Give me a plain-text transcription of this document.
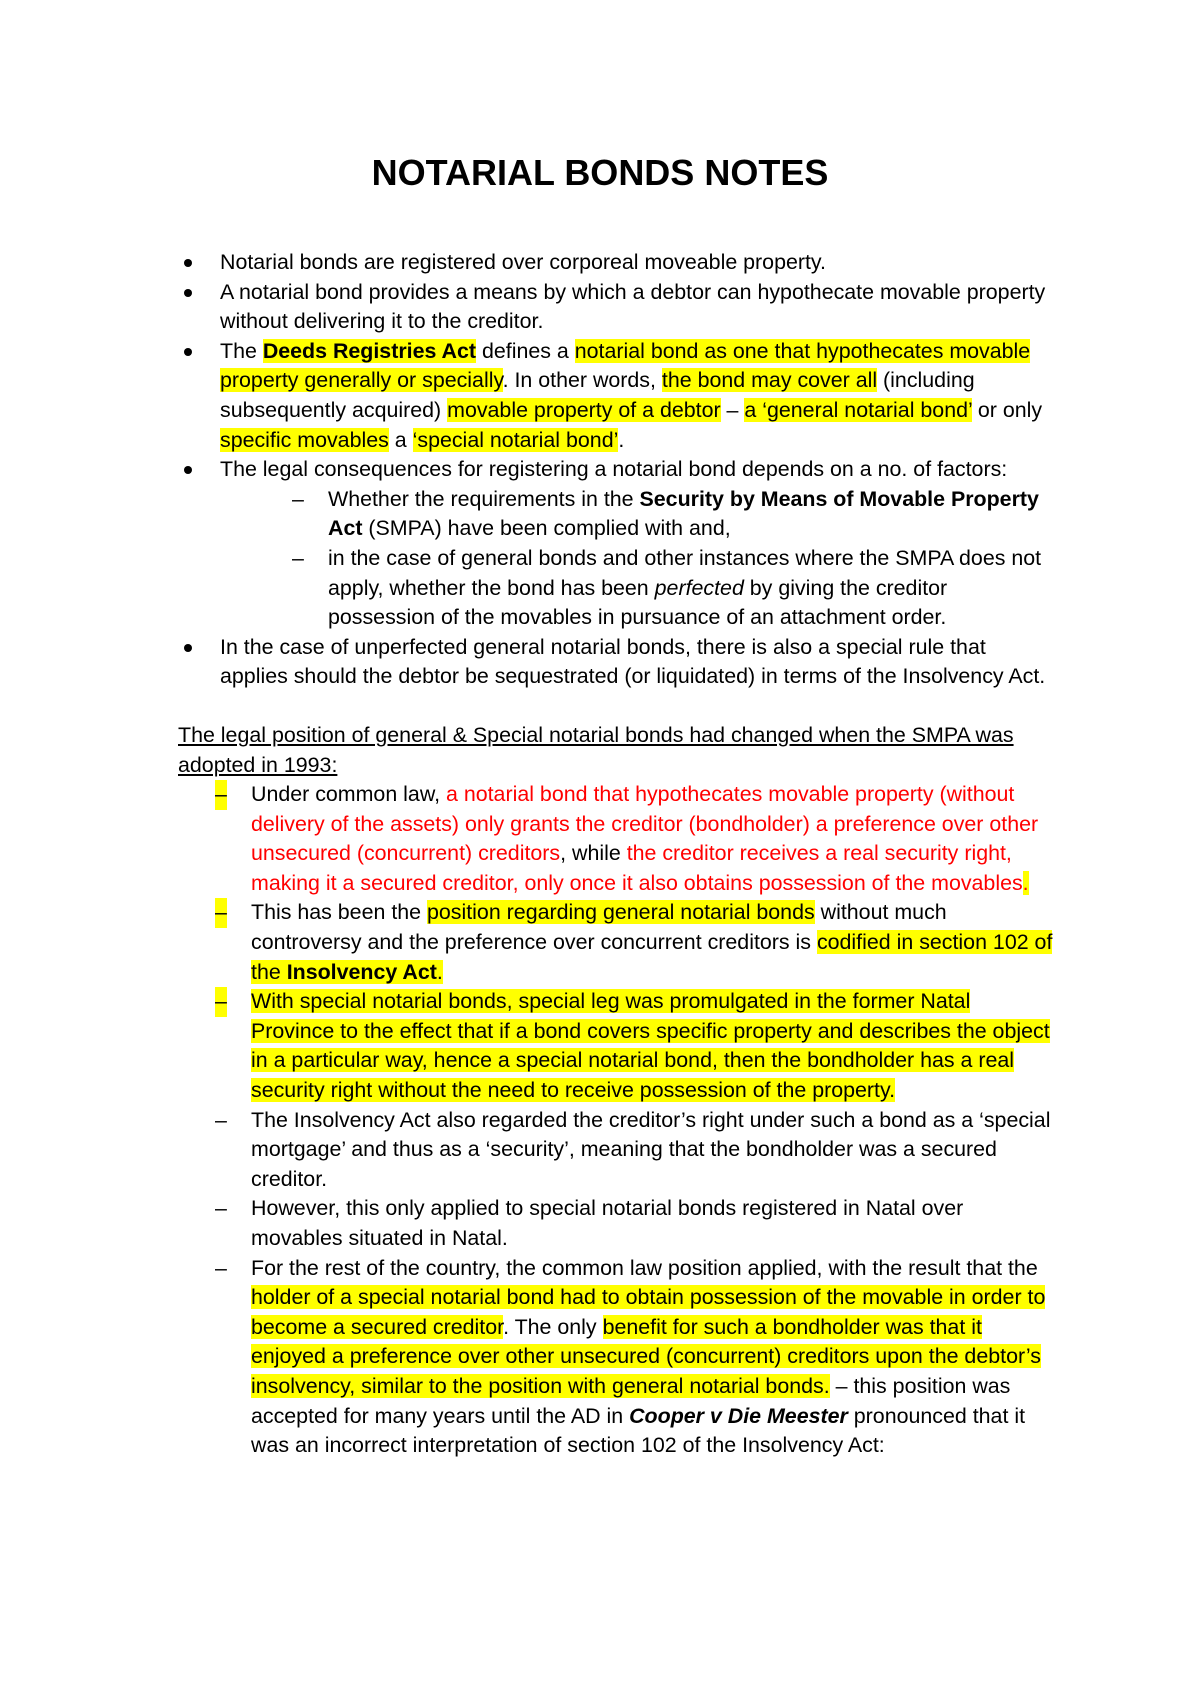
NOTARIAL BONDS NOTES
Notarial bonds are registered over corporeal moveable property.
A notarial bond provides a means by which a debtor can hypothecate movable property without delivering it to the creditor.
The Deeds Registries Act defines a notarial bond as one that hypothecates movable property generally or specially. In other words, the bond may cover all (including subsequently acquired) movable property of a debtor – a ‘general notarial bond’ or only specific movables a ‘special notarial bond’.
The legal consequences for registering a notarial bond depends on a no. of factors:
– Whether the requirements in the Security by Means of Movable Property Act (SMPA) have been complied with and,
– in the case of general bonds and other instances where the SMPA does not apply, whether the bond has been perfected by giving the creditor possession of the movables in pursuance of an attachment order.
In the case of unperfected general notarial bonds, there is also a special rule that applies should the debtor be sequestrated (or liquidated) in terms of the Insolvency Act.
The legal position of general & Special notarial bonds had changed when the SMPA was adopted in 1993:
– Under common law, a notarial bond that hypothecates movable property (without delivery of the assets) only grants the creditor (bondholder) a preference over other unsecured (concurrent) creditors, while the creditor receives a real security right, making it a secured creditor, only once it also obtains possession of the movables.
– This has been the position regarding general notarial bonds without much controversy and the preference over concurrent creditors is codified in section 102 of the Insolvency Act.
– With special notarial bonds, special leg was promulgated in the former Natal Province to the effect that if a bond covers specific property and describes the object in a particular way, hence a special notarial bond, then the bondholder has a real security right without the need to receive possession of the property.
– The Insolvency Act also regarded the creditor’s right under such a bond as a ‘special mortgage’ and thus as a ‘security’, meaning that the bondholder was a secured creditor.
– However, this only applied to special notarial bonds registered in Natal over movables situated in Natal.
– For the rest of the country, the common law position applied, with the result that the holder of a special notarial bond had to obtain possession of the movable in order to become a secured creditor. The only benefit for such a bondholder was that it enjoyed a preference over other unsecured (concurrent) creditors upon the debtor’s insolvency, similar to the position with general notarial bonds. – this position was accepted for many years until the AD in Cooper v Die Meester pronounced that it was an incorrect interpretation of section 102 of the Insolvency Act:
